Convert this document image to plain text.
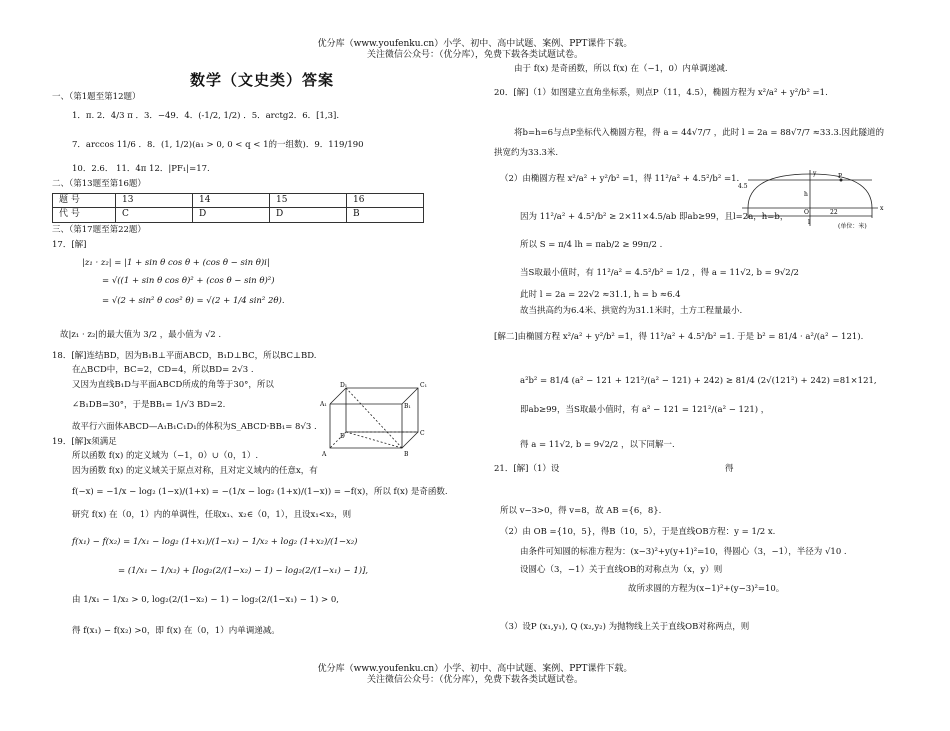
优分库（www.youfenku.cn）小学、初中、高中试题、案例、PPT课件下载。
关注微信公众号：（优分库），免费下载各类试题试卷。
数学（文史类）答案
一、（第1题至第12题）
1．π. 2．4/3 π ．3．−49．4．(-1/2, 1/2) ．5．arctg2．6．[1,3].
7．arccos 11/6 ．8．(1, 1/2)(a₁ > 0, 0 < q < 1的一组数)．9．119/190
10．2.6． 11．4π 12．|PF₁|=17.
二、（第13题至第16题）
题 号	13	14	15	16
代 号	C	D	D	B
三、（第17题至第22题）
17．[解]
|z₁ · z₂| = |1 + sin θ cos θ + (cos θ − sin θ)i|
= √((1 + sin θ cos θ)² + (cos θ − sin θ)²)
= √(2 + sin² θ cos² θ) = √(2 + 1/4 sin² 2θ).
故|z₁ · z₂|的最大值为 3/2 ，最小值为 √2 .
18．[解]连结BD，因为B₁B⊥平面ABCD，B₁D⊥BC，所以BC⊥BD.
在△BCD中，BC=2，CD=4，所以BD= 2√3 .
又因为直线B₁D与平面ABCD所成的角等于30°，所以
∠B₁DB=30°，于是BB₁= 1/√3 BD=2.
故平行六面体ABCD—A₁B₁C₁D₁的体积为S_ABCD·BB₁= 8√3 .
D₁	C₁
A₁	B₁
D	C
A	B
19．[解]x须满足
所以函数 f(x) 的定义域为（−1，0）∪（0，1）.
因为函数 f(x) 的定义域关于原点对称，且对定义域内的任意x，有
f(−x) = −1/x − log₂ (1−x)/(1+x) = −(1/x − log₂ (1+x)/(1−x)) = −f(x)，所以 f(x) 是奇函数.
研究 f(x) 在（0，1）内的单调性，任取x₁、x₂∈（0，1），且设x₁<x₂，则
f(x₁) − f(x₂) = 1/x₁ − log₂ (1+x₁)/(1−x₁) − 1/x₂ + log₂ (1+x₂)/(1−x₂)
= (1/x₁ − 1/x₂) + [log₂(2/(1−x₂) − 1) − log₂(2/(1−x₁) − 1)],
由 1/x₁ − 1/x₂ > 0, log₂(2/(1−x₂) − 1) − log₂(2/(1−x₁) − 1) > 0,
得 f(x₁) − f(x₂) >0，即 f(x) 在（0，1）内单调递减。
由于 f(x) 是奇函数，所以 f(x) 在（−1，0）内单调递减.
20．[解]（1）如图建立直角坐标系，则点P（11，4.5），椭圆方程为 x²/a² + y²/b² =1.
将b=h=6与点P坐标代入椭圆方程，得 a = 44√7/7 ，此时 l = 2a = 88√7/7 ≈33.3.因此隧道的
拱宽约为33.3米.
（2）由椭圆方程 x²/a² + y²/b² =1，得 11²/a² + 4.5²/b² =1.
y	P
4.5
h
O
x
l
22
(单位：米)
因为 11²/a² + 4.5²/b² ≥ 2×11×4.5/ab 即ab≥99，且l=2a，h=b，
所以 S = π/4 lh = πab/2 ≥ 99π/2 .
当S取最小值时，有 11²/a² = 4.5²/b² = 1/2 ，得 a = 11√2, b = 9√2/2
此时 l = 2a = 22√2 ≈31.1, h = b ≈6.4
故当拱高约为6.4米、拱宽约为31.1米时，土方工程量最小.
[解二]由椭圆方程 x²/a² + y²/b² =1，得 11²/a² + 4.5²/b² =1. 于是 b² = 81/4 · a²/(a² − 121).
a²b² = 81/4 (a² − 121 + 121²/(a² − 121) + 242) ≥ 81/4 (2√(121²) + 242) =81×121,
即ab≥99，当S取最小值时，有 a² − 121 = 121²/(a² − 121) ，
得 a = 11√2, b = 9√2/2 ，以下同解一.
21．[解]（1）设	得
所以 v−3>0，得 v=8，故 AB ={6，8}.
（2）由 OB ={10，5}，得B（10，5），于是直线OB方程：y = 1/2 x.
由条件可知圆的标准方程为：(x−3)²+y(y+1)²=10，得圆心（3，−1），半径为 √10 .
设圆心（3，−1）关于直线OB的对称点为（x，y）则
故所求圆的方程为(x−1)²+(y−3)²=10。
（3）设P (x₁,y₁), Q (x₂,y₂) 为抛物线上关于直线OB对称两点，则
优分库（www.youfenku.cn）小学、初中、高中试题、案例、PPT课件下载。
关注微信公众号：（优分库），免费下载各类试题试卷。
